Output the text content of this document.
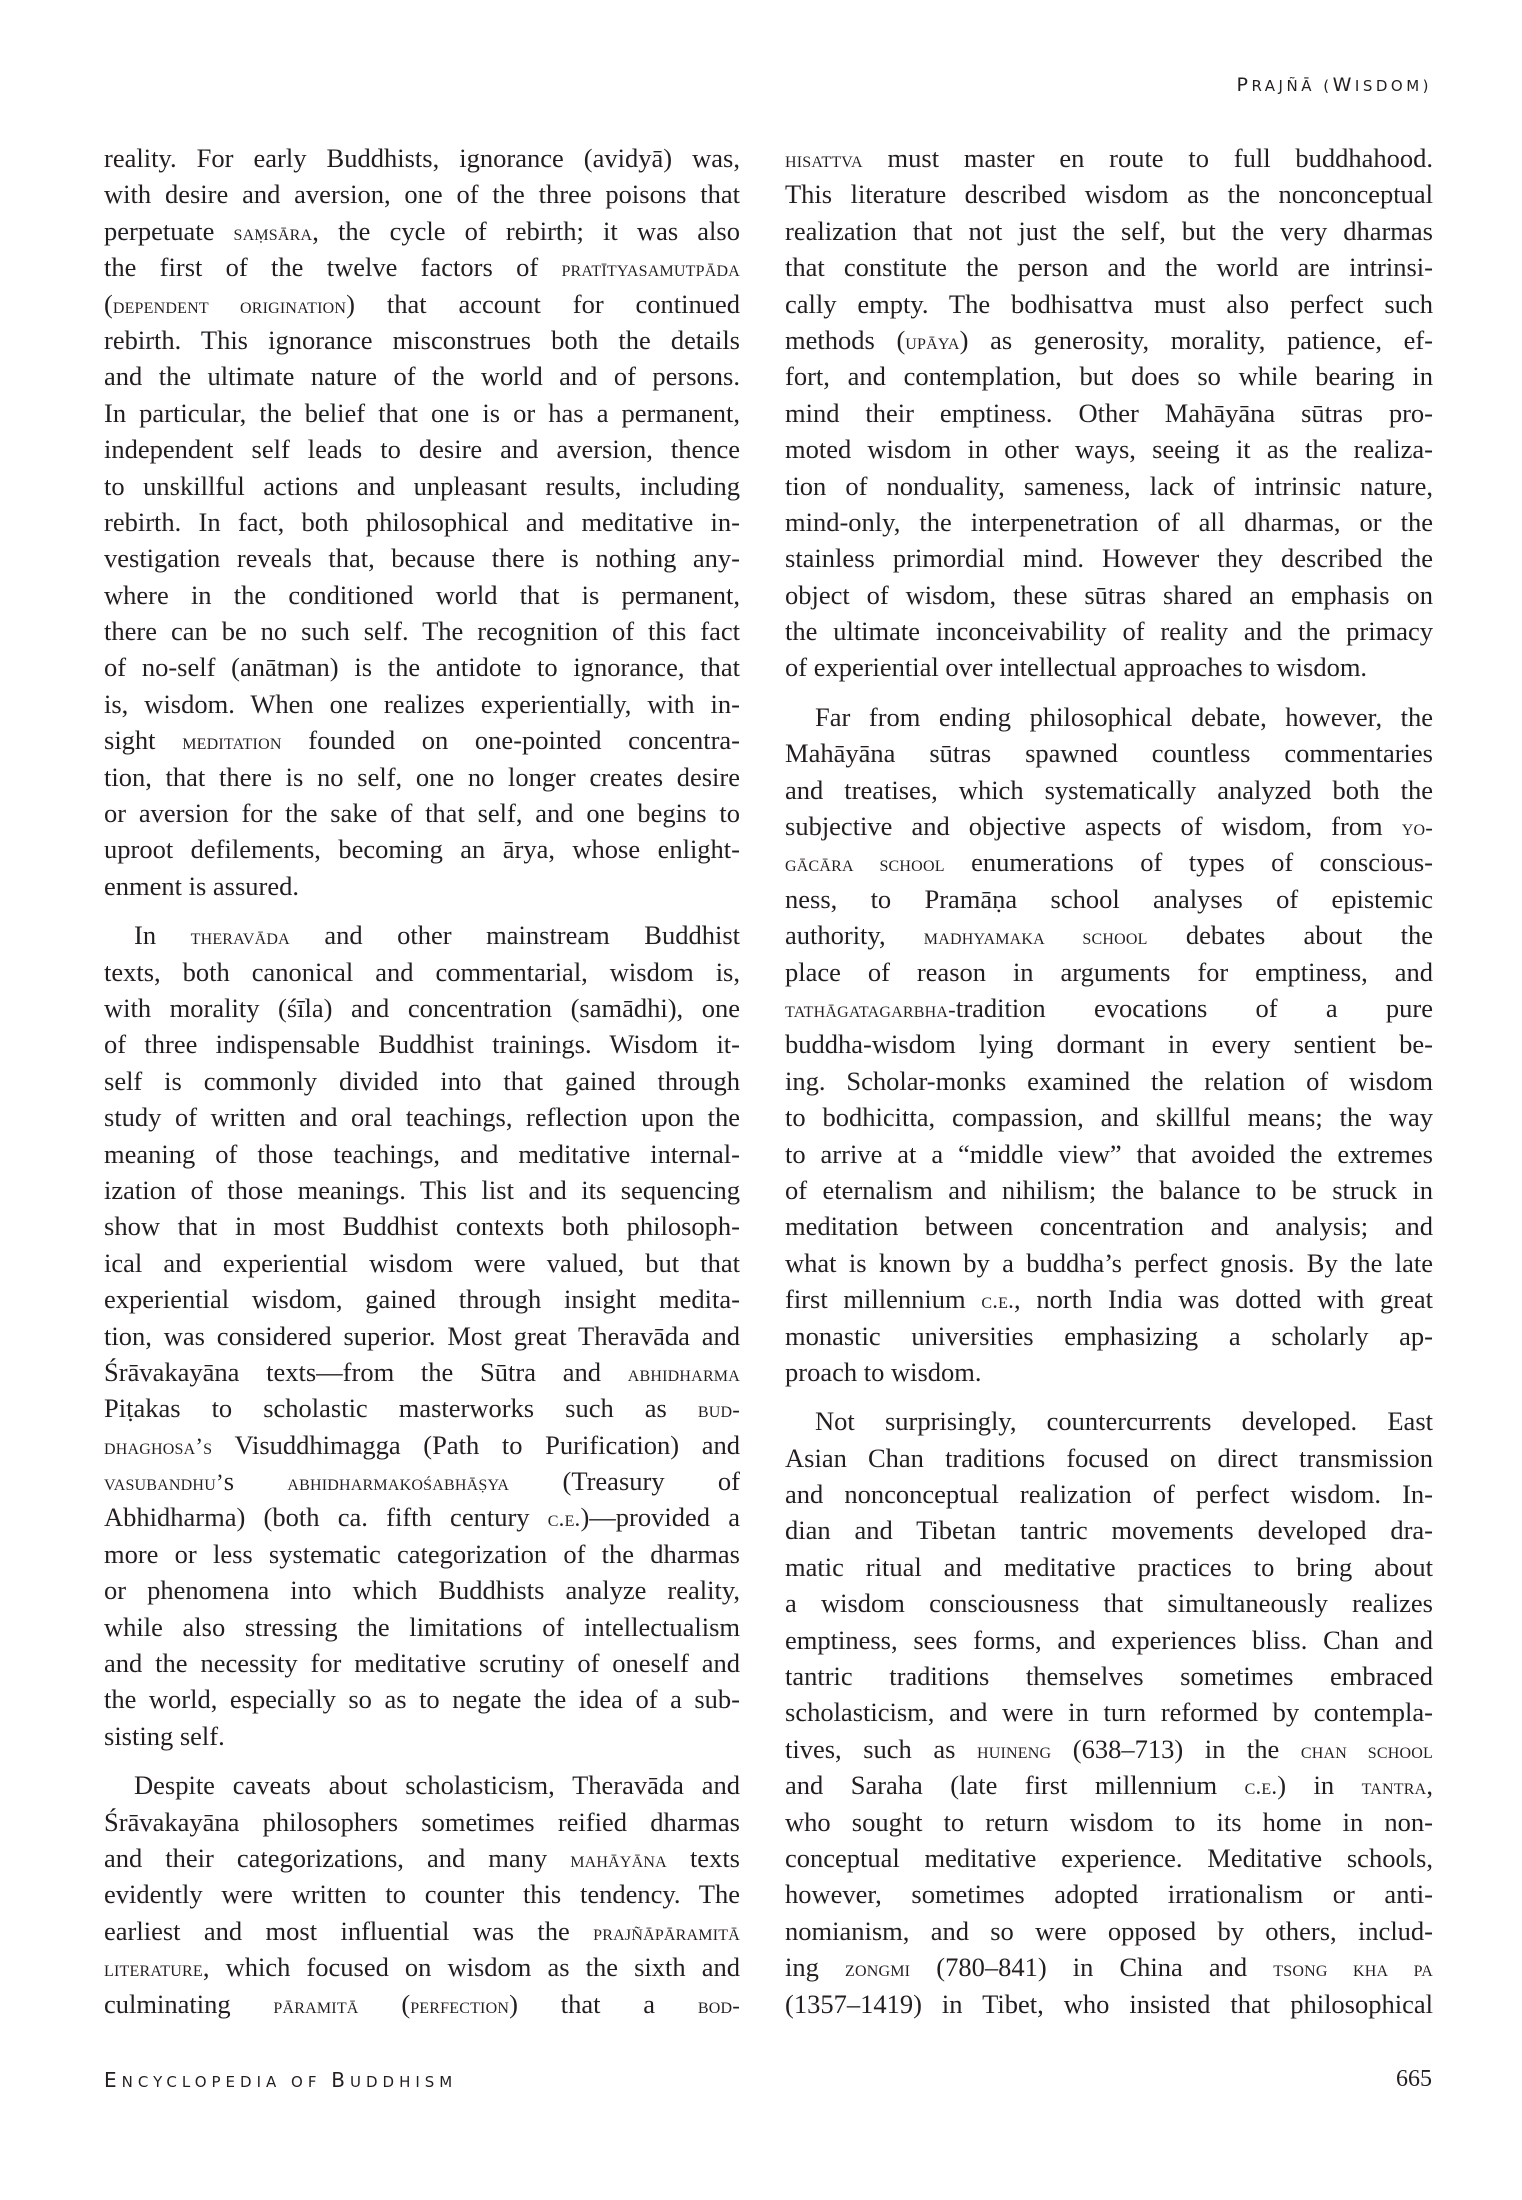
PRAJÑĀ (WISDOM)
reality. For early Buddhists, ignorance (avidyā) was,
with desire and aversion, one of the three poisons that
perpetuate saṃsāra, the cycle of rebirth; it was also
the first of the twelve factors of pratītyasamutpāda
(dependent origination) that account for continued
rebirth. This ignorance misconstrues both the details
and the ultimate nature of the world and of persons.
In particular, the belief that one is or has a permanent,
independent self leads to desire and aversion, thence
to unskillful actions and unpleasant results, including
rebirth. In fact, both philosophical and meditative in-
vestigation reveals that, because there is nothing any-
where in the conditioned world that is permanent,
there can be no such self. The recognition of this fact
of no-self (anātman) is the antidote to ignorance, that
is, wisdom. When one realizes experientially, with in-
sight meditation founded on one-pointed concentra-
tion, that there is no self, one no longer creates desire
or aversion for the sake of that self, and one begins to
uproot defilements, becoming an ārya, whose enlight-
enment is assured.
In theravāda and other mainstream Buddhist
texts, both canonical and commentarial, wisdom is,
with morality (śīla) and concentration (samādhi), one
of three indispensable Buddhist trainings. Wisdom it-
self is commonly divided into that gained through
study of written and oral teachings, reflection upon the
meaning of those teachings, and meditative internal-
ization of those meanings. This list and its sequencing
show that in most Buddhist contexts both philosoph-
ical and experiential wisdom were valued, but that
experiential wisdom, gained through insight medita-
tion, was considered superior. Most great Theravāda and
Śrāvakayāna texts—from the Sūtra and abhidharma
Piṭakas to scholastic masterworks such as bud-
dhaghosa’s Visuddhimagga (Path to Purification) and
vasubandhu’s abhidharmakośabhāṣya (Treasury of
Abhidharma) (both ca. fifth century c.e.)—provided a
more or less systematic categorization of the dharmas
or phenomena into which Buddhists analyze reality,
while also stressing the limitations of intellectualism
and the necessity for meditative scrutiny of oneself and
the world, especially so as to negate the idea of a sub-
sisting self.
Despite caveats about scholasticism, Theravāda and
Śrāvakayāna philosophers sometimes reified dharmas
and their categorizations, and many mahāyāna texts
evidently were written to counter this tendency. The
earliest and most influential was the prajñāpāramitā
literature, which focused on wisdom as the sixth and
culminating pāramitā (perfection) that a bod-
hisattva must master en route to full buddhahood.
This literature described wisdom as the nonconceptual
realization that not just the self, but the very dharmas
that constitute the person and the world are intrinsi-
cally empty. The bodhisattva must also perfect such
methods (upāya) as generosity, morality, patience, ef-
fort, and contemplation, but does so while bearing in
mind their emptiness. Other Mahāyāna sūtras pro-
moted wisdom in other ways, seeing it as the realiza-
tion of nonduality, sameness, lack of intrinsic nature,
mind-only, the interpenetration of all dharmas, or the
stainless primordial mind. However they described the
object of wisdom, these sūtras shared an emphasis on
the ultimate inconceivability of reality and the primacy
of experiential over intellectual approaches to wisdom.
Far from ending philosophical debate, however, the
Mahāyāna sūtras spawned countless commentaries
and treatises, which systematically analyzed both the
subjective and objective aspects of wisdom, from yo-
gācāra school enumerations of types of conscious-
ness, to Pramāṇa school analyses of epistemic
authority, madhyamaka school debates about the
place of reason in arguments for emptiness, and
tathāgatagarbha-tradition evocations of a pure
buddha-wisdom lying dormant in every sentient be-
ing. Scholar-monks examined the relation of wisdom
to bodhicitta, compassion, and skillful means; the way
to arrive at a “middle view” that avoided the extremes
of eternalism and nihilism; the balance to be struck in
meditation between concentration and analysis; and
what is known by a buddha’s perfect gnosis. By the late
first millennium c.e., north India was dotted with great
monastic universities emphasizing a scholarly ap-
proach to wisdom.
Not surprisingly, countercurrents developed. East
Asian Chan traditions focused on direct transmission
and nonconceptual realization of perfect wisdom. In-
dian and Tibetan tantric movements developed dra-
matic ritual and meditative practices to bring about
a wisdom consciousness that simultaneously realizes
emptiness, sees forms, and experiences bliss. Chan and
tantric traditions themselves sometimes embraced
scholasticism, and were in turn reformed by contempla-
tives, such as huineng (638–713) in the chan school
and Saraha (late first millennium c.e.) in tantra,
who sought to return wisdom to its home in non-
conceptual meditative experience. Meditative schools,
however, sometimes adopted irrationalism or anti-
nomianism, and so were opposed by others, includ-
ing zongmi (780–841) in China and tsong kha pa
(1357–1419) in Tibet, who insisted that philosophical
ENCYCLOPEDIA OF BUDDHISM	665
